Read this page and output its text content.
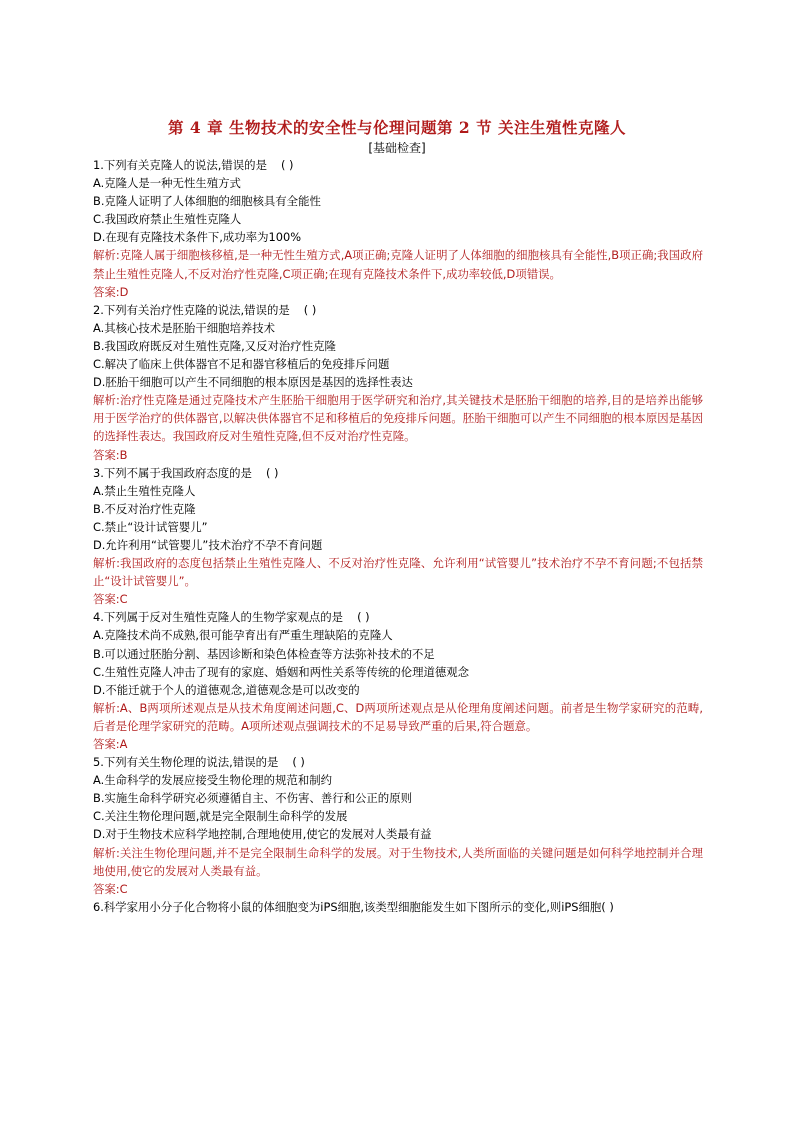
第 4 章 生物技术的安全性与伦理问题第 2 节 关注生殖性克隆人
[基础检查]
1.下列有关克隆人的说法,错误的是 ( )
A.克隆人是一种无性生殖方式
B.克隆人证明了人体细胞的细胞核具有全能性
C.我国政府禁止生殖性克隆人
D.在现有克隆技术条件下,成功率为100%
解析:克隆人属于细胞核移植,是一种无性生殖方式,A项正确;克隆人证明了人体细胞的细胞核具有全能性,B项正确;我国政府禁止生殖性克隆人,不反对治疗性克隆,C项正确;在现有克隆技术条件下,成功率较低,D项错误。
答案:D
2.下列有关治疗性克隆的说法,错误的是 ( )
A.其核心技术是胚胎干细胞培养技术
B.我国政府既反对生殖性克隆,又反对治疗性克隆
C.解决了临床上供体器官不足和器官移植后的免疫排斥问题
D.胚胎干细胞可以产生不同细胞的根本原因是基因的选择性表达
解析:治疗性克隆是通过克隆技术产生胚胎干细胞用于医学研究和治疗,其关键技术是胚胎干细胞的培养,目的是培养出能够用于医学治疗的供体器官,以解决供体器官不足和移植后的免疫排斥问题。胚胎干细胞可以产生不同细胞的根本原因是基因的选择性表达。我国政府反对生殖性克隆,但不反对治疗性克隆。
答案:B
3.下列不属于我国政府态度的是 ( )
A.禁止生殖性克隆人
B.不反对治疗性克隆
C.禁止“设计试管婴儿”
D.允许利用“试管婴儿”技术治疗不孕不育问题
解析:我国政府的态度包括禁止生殖性克隆人、不反对治疗性克隆、允许利用“试管婴儿”技术治疗不孕不育问题;不包括禁止“设计试管婴儿”。
答案:C
4.下列属于反对生殖性克隆人的生物学家观点的是 ( )
A.克隆技术尚不成熟,很可能孕育出有严重生理缺陷的克隆人
B.可以通过胚胎分割、基因诊断和染色体检查等方法弥补技术的不足
C.生殖性克隆人冲击了现有的家庭、婚姻和两性关系等传统的伦理道德观念
D.不能迁就于个人的道德观念,道德观念是可以改变的
解析:A、B两项所述观点是从技术角度阐述问题,C、D两项所述观点是从伦理角度阐述问题。前者是生物学家研究的范畴,后者是伦理学家研究的范畴。A项所述观点强调技术的不足易导致严重的后果,符合题意。
答案:A
5.下列有关生物伦理的说法,错误的是 ( )
A.生命科学的发展应接受生物伦理的规范和制约
B.实施生命科学研究必须遵循自主、不伤害、善行和公正的原则
C.关注生物伦理问题,就是完全限制生命科学的发展
D.对于生物技术应科学地控制,合理地使用,使它的发展对人类最有益
解析:关注生物伦理问题,并不是完全限制生命科学的发展。对于生物技术,人类所面临的关键问题是如何科学地控制并合理地使用,使它的发展对人类最有益。
答案:C
6.科学家用小分子化合物将小鼠的体细胞变为iPS细胞,该类型细胞能发生如下图所示的变化,则iPS细胞( )
